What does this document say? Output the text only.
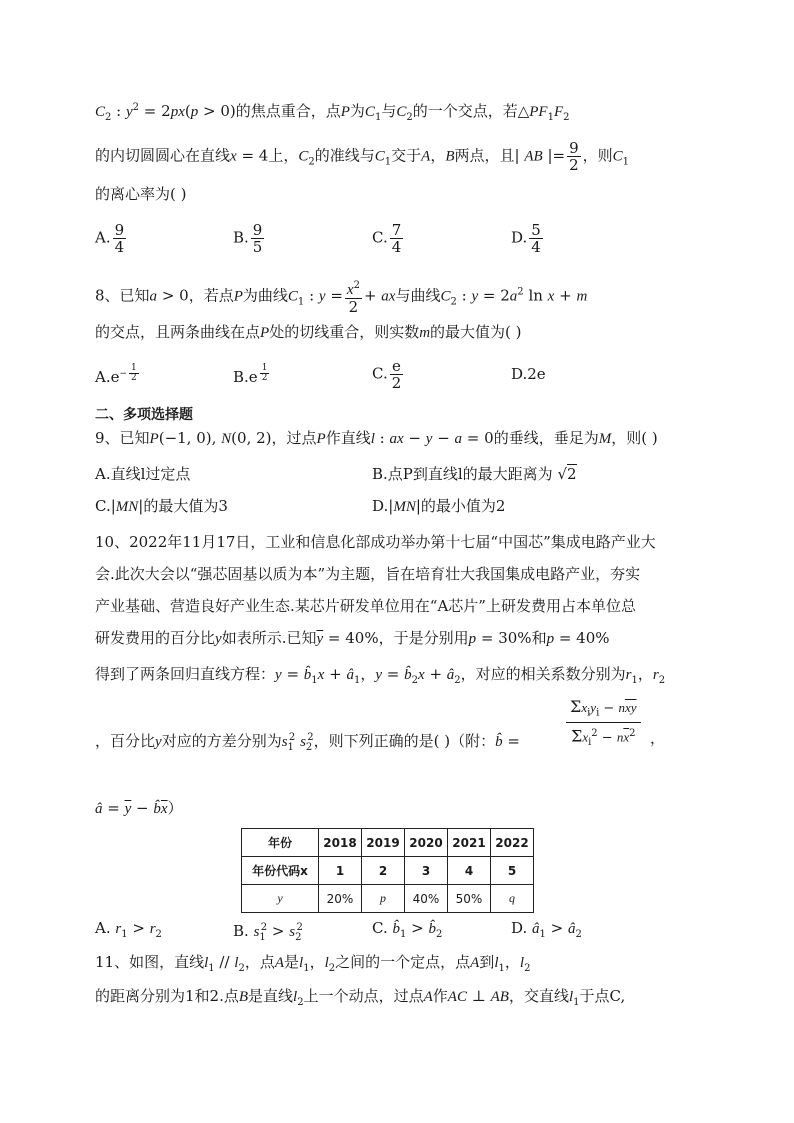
$C_2$ : $y^2 = 2px(p > 0)$的焦点重合，点P为$C_1$与$C_2$的一个交点，若$\triangle PF_1F_2$
的内切圆圆心在直线x = 4上，$C_2$的准线与$C_1$交于A，B两点，且| AB |= $\frac{9}{2}$ ，则$C_1$
的离心率为( )
A. $\frac{9}{4}$	B. $\frac{9}{5}$	C. $\frac{7}{4}$	D. $\frac{5}{4}$
8、已知a > 0，若点P为曲线$C_1$ : $y = \frac{x^2}{2}$ + ax与曲线$C_2$ : $y = 2a^2$ ln x + m
的交点，且两条曲线在点P处的切线重合，则实数m的最大值为( )
$A.e^{- \frac{1}{2}}$	B.e $^{\frac{1}{2}}$	C. $\frac{e}{2}$	D.2e
二、多项选择题
9、已知P(−1, 0), N(0, 2)，过点P作直线l : ax − y − a = 0的垂线，垂足为M，则( )
A.直线l过定点	B.点P到直线l的最大距离为 √2
C.|MN|的最大值为3	D.|MN|的最小值为2
10、2022年11月17日，工业和信息化部成功举办第十七届“中国芯”集成电路产业大
会.此次大会以“强芯固基以质为本”为主题，旨在培育壮大我国集成电路产业，夯实
产业基础、营造良好产业生态.某芯片研发单位用在“A芯片”上研发费用占本单位总
研发费用的百分比y如表所示.已知$\overline{y} = 40\%$，于是分别用p = 30%和p = 40%
得到了两条回归直线方程：$y = b̂_1x$ + $â_1$，$y = b̂_2x$ + $â_2$，对应的相关系数分别为$r_1$，$r_2$
，百分比y对应的方差分别为$s_1^2$ $s_2^2$，则下列正确的是( )（附：b̂ =
$\Sigma x_iy_i - n\overline{xy}$
$\Sigma x_i^2 - n\overline{x}^2$ ，
â = $\overline{y}$ − $b̂\overline{x}$）
年份	2018	2019	2020	2021	2022
年份代码x	1	2	3	4	5
y	20%	p	40%	50%	q
A. $r_1 > r_2$	B. $s_1^2 > s_2^2$	C. $b̂_1$ > $b̂_2$	D. $â_1$ > $â_2$
11、如图，直线$l_1 // l_2$，点A是$l_1$，$l_2$之间的一个定点，点A到$l_1$，$l_2$
的距离分别为1和2.点B是直线$l_2$上一个动点，过点A作AC ⊥ AB，交直线$l_1$于点C,
